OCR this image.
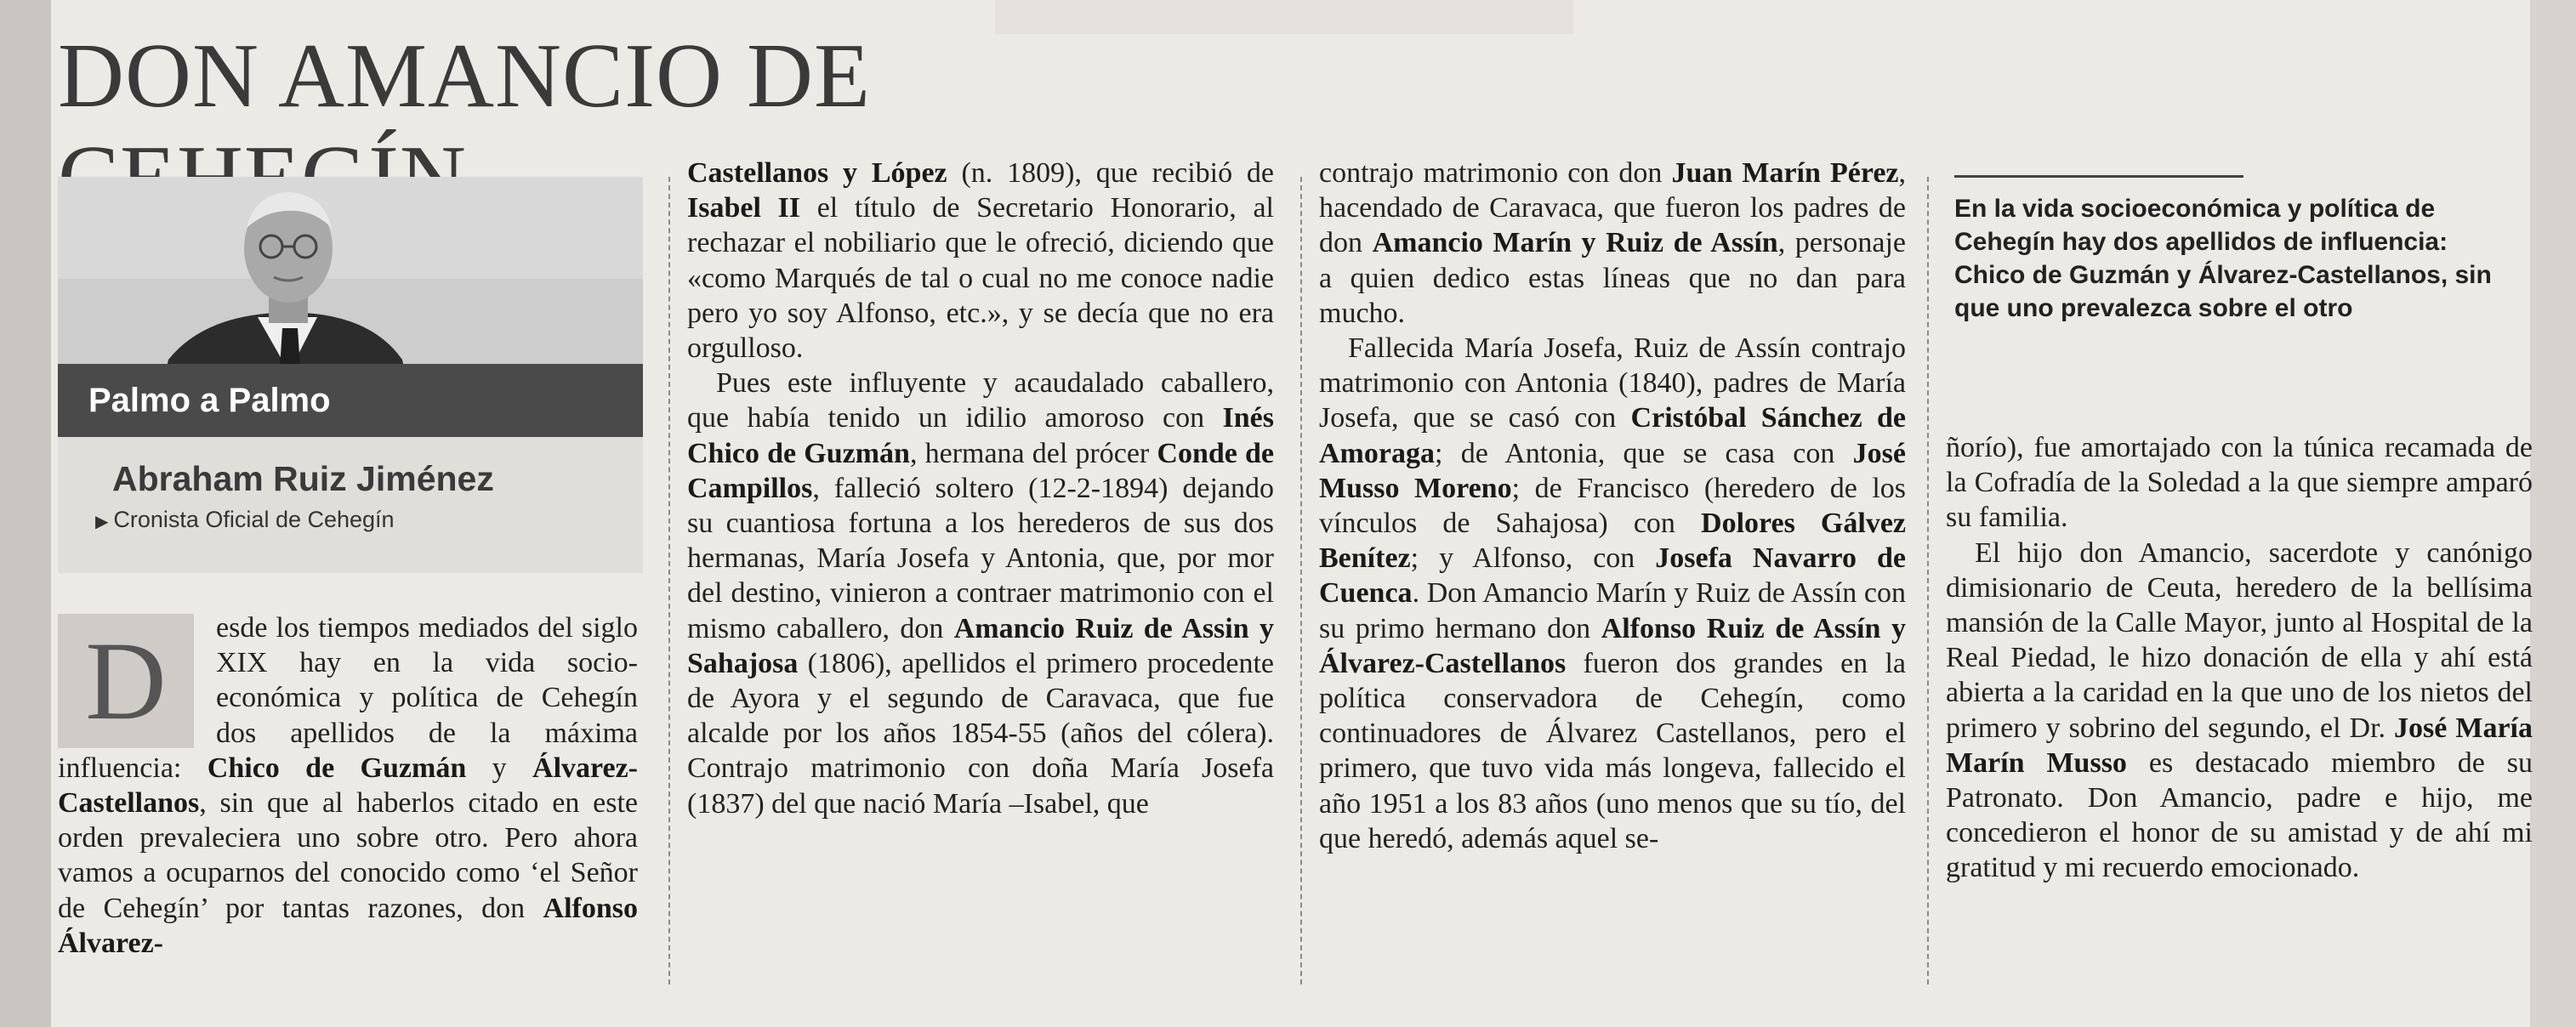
DON AMANCIO DE
Palmo a Palmo
Abraham Ruiz Jiménez
▶ Cronista Oficial de Cehegín
D	esde los tiempos mediados del siglo XIX hay en la vida socio-económica y política de Cehegín dos apellidos de la máxima influencia: Chico de Guzmán y Álvarez-Castellanos, sin que al haberlos citado en este orden prevaleciera uno sobre otro. Pero ahora vamos a ocuparnos del conocido como ‘el Señor de Cehegín’ por tantas razones, don Alfonso Álvarez-

Castellanos y López (n. 1809), que recibió de Isabel II el título de Secretario Honorario, al rechazar el nobiliario que le ofreció, diciendo que «como Marqués de tal o cual no me conoce nadie pero yo soy Alfonso, etc.», y se decía que no era orgulloso.

Pues este influyente y acaudalado caballero, que había tenido un idilio amoroso con Inés Chico de Guzmán, hermana del prócer Conde de Campillos, falleció soltero (12-2-1894) dejando su cuantiosa fortuna a los herederos de sus dos hermanas, María Josefa y Antonia, que, por mor del destino, vinieron a contraer matrimonio con el mismo caballero, don Amancio Ruiz de Assin y Sahajosa (1806), apellidos el primero procedente de Ayora y el segundo de Caravaca, que fue alcalde por los años 1854-55 (años del cólera). Contrajo matrimonio con doña María Josefa (1837) del que nació María –Isabel, que

contrajo matrimonio con don Juan Marín Pérez, hacendado de Caravaca, que fueron los padres de don Amancio Marín y Ruiz de Assín, personaje a quien dedico estas líneas que no dan para mucho.

Fallecida María Josefa, Ruiz de Assín contrajo matrimonio con Antonia (1840), padres de María Josefa, que se casó con Cristóbal Sánchez de Amoraga; de Antonia, que se casa con José Musso Moreno; de Francisco (heredero de los vínculos de Sahajosa) con Dolores Gálvez Benítez; y Alfonso, con Josefa Navarro de Cuenca. Don Amancio Marín y Ruiz de Assín con su primo hermano don Alfonso Ruiz de Assín y Álvarez-Castellanos fueron dos grandes en la política conservadora de Cehegín, como continuadores de Álvarez Castellanos, pero el primero, que tuvo vida más longeva, fallecido el año 1951 a los 83 años (uno menos que su tío, del que heredó, además aquel se-

En la vida socioeconómica y política de Cehegín hay dos apellidos de influencia: Chico de Guzmán y Álvarez-Castellanos, sin que uno prevalezca sobre el otro

ñorío), fue amortajado con la túnica recamada de la Cofradía de la Soledad a la que siempre amparó su familia.

El hijo don Amancio, sacerdote y canónigo dimisionario de Ceuta, heredero de la bellísima mansión de la Calle Mayor, junto al Hospital de la Real Piedad, le hizo donación de ella y ahí está abierta a la caridad en la que uno de los nietos del primero y sobrino del segundo, el Dr. José María Marín Musso es destacado miembro de su Patronato. Don Amancio, padre e hijo, me concedieron el honor de su amistad y de ahí mi gratitud y mi recuerdo emocionado.
